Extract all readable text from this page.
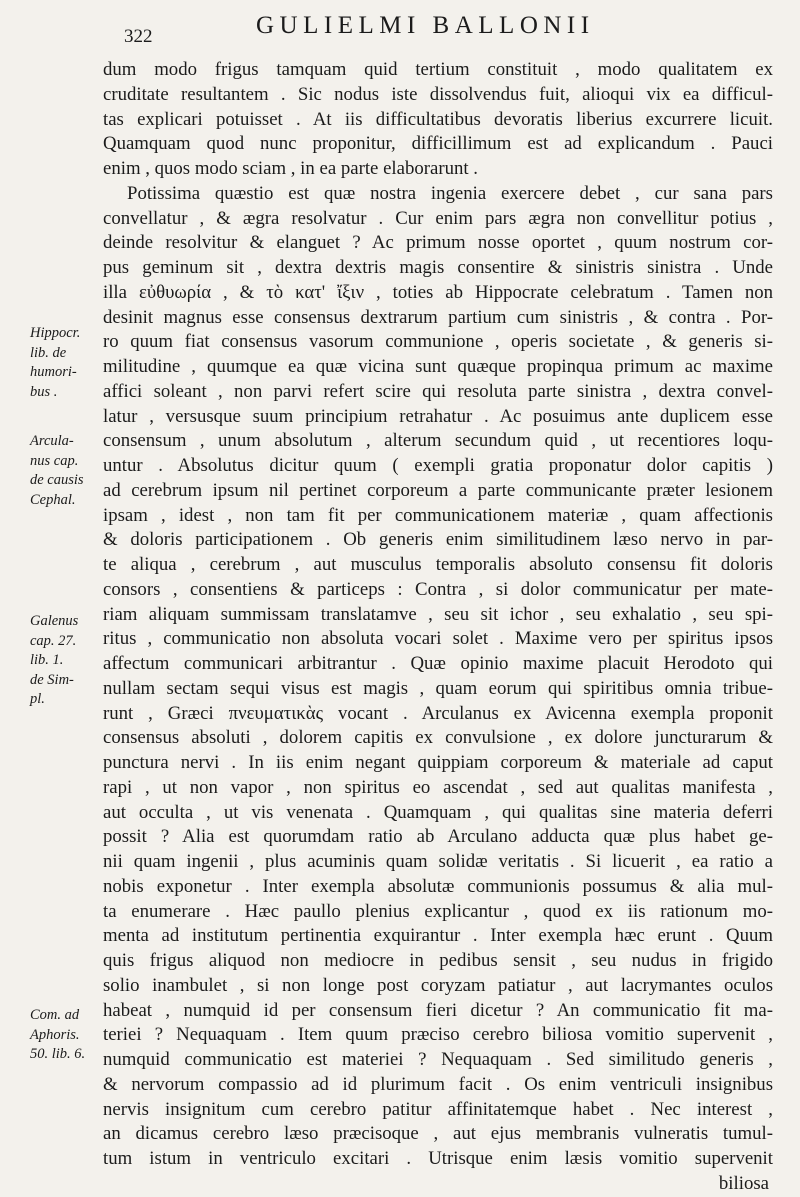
322	GULIELMI BALLONII
dum modo frigus tamquam quid tertium constituit , modo qualitatem ex
cruditate resultantem . Sic nodus iste dissolvendus fuit, alioqui vix ea difficul-
tas explicari potuisset . At iis difficultatibus devoratis liberius excurrere licuit.
Quamquam quod nunc proponitur, difficillimum est ad explicandum . Pauci
enim , quos modo sciam , in ea parte elaborarunt .
Potissima quæstio est quæ nostra ingenia exercere debet , cur sana pars
convellatur , & ægra resolvatur . Cur enim pars ægra non convellitur potius ,
deinde resolvitur & elanguet ? Ac primum nosse oportet , quum nostrum cor-
pus geminum sit , dextra dextris magis consentire & sinistris sinistra . Unde
illa εὐθυωρία , & τὸ κατ' ἴξιν , toties ab Hippocrate celebratum . Tamen non
desinit magnus esse consensus dextrarum partium cum sinistris , & contra . Por-
ro quum fiat consensus vasorum communione , operis societate , & generis si-
militudine , quumque ea quæ vicina sunt quæque propinqua primum ac maxime
affici soleant , non parvi refert scire qui resoluta parte sinistra , dextra convel-
latur , versusque suum principium retrahatur . Ac posuimus ante duplicem esse
consensum , unum absolutum , alterum secundum quid , ut recentiores loqu-
untur . Absolutus dicitur quum ( exempli gratia proponatur dolor capitis )
ad cerebrum ipsum nil pertinet corporeum a parte communicante præter lesionem
ipsam , idest , non tam fit per communicationem materiæ , quam affectionis
& doloris participationem . Ob generis enim similitudinem læso nervo in par-
te aliqua , cerebrum , aut musculus temporalis absoluto consensu fit doloris
consors , consentiens & particeps : Contra , si dolor communicatur per mate-
riam aliquam summissam translatamve , seu sit ichor , seu exhalatio , seu spi-
ritus , communicatio non absoluta vocari solet . Maxime vero per spiritus ipsos
affectum communicari arbitrantur . Quæ opinio maxime placuit Herodoto qui
nullam sectam sequi visus est magis , quam eorum qui spiritibus omnia tribue-
runt , Græci πνευματικὰς vocant . Arculanus ex Avicenna exempla proponit
consensus absoluti , dolorem capitis ex convulsione , ex dolore juncturarum &
punctura nervi . In iis enim negant quippiam corporeum & materiale ad caput
rapi , ut non vapor , non spiritus eo ascendat , sed aut qualitas manifesta ,
aut occulta , ut vis venenata . Quamquam , qui qualitas sine materia deferri
possit ? Alia est quorumdam ratio ab Arculano adducta quæ plus habet ge-
nii quam ingenii , plus acuminis quam solidæ veritatis . Si licuerit , ea ratio a
nobis exponetur . Inter exempla absolutæ communionis possumus & alia mul-
ta enumerare . Hæc paullo plenius explicantur , quod ex iis rationum mo-
menta ad institutum pertinentia exquirantur . Inter exempla hæc erunt . Quum
quis frigus aliquod non mediocre in pedibus sensit , seu nudus in frigido
solio inambulet , si non longe post coryzam patiatur , aut lacrymantes oculos
habeat , numquid id per consensum fieri dicetur ? An communicatio fit ma-
teriei ? Nequaquam . Item quum præciso cerebro biliosa vomitio supervenit ,
numquid communicatio est materiei ? Nequaquam . Sed similitudo generis ,
& nervorum compassio ad id plurimum facit . Os enim ventriculi insignibus
nervis insignitum cum cerebro patitur affinitatemque habet . Nec interest ,
an dicamus cerebro læso præcisoque , aut ejus membranis vulneratis tumul-
tum istum in ventriculo excitari . Utrisque enim læsis vomitio supervenit
biliosa
Hippocr.
lib. de
humori-
bus .
Arcula-
nus cap.
de causis
Cephal.
Galenus
cap. 27.
lib. 1.
de Sim-
pl.
Com. ad
Aphoris.
50. lib. 6.
